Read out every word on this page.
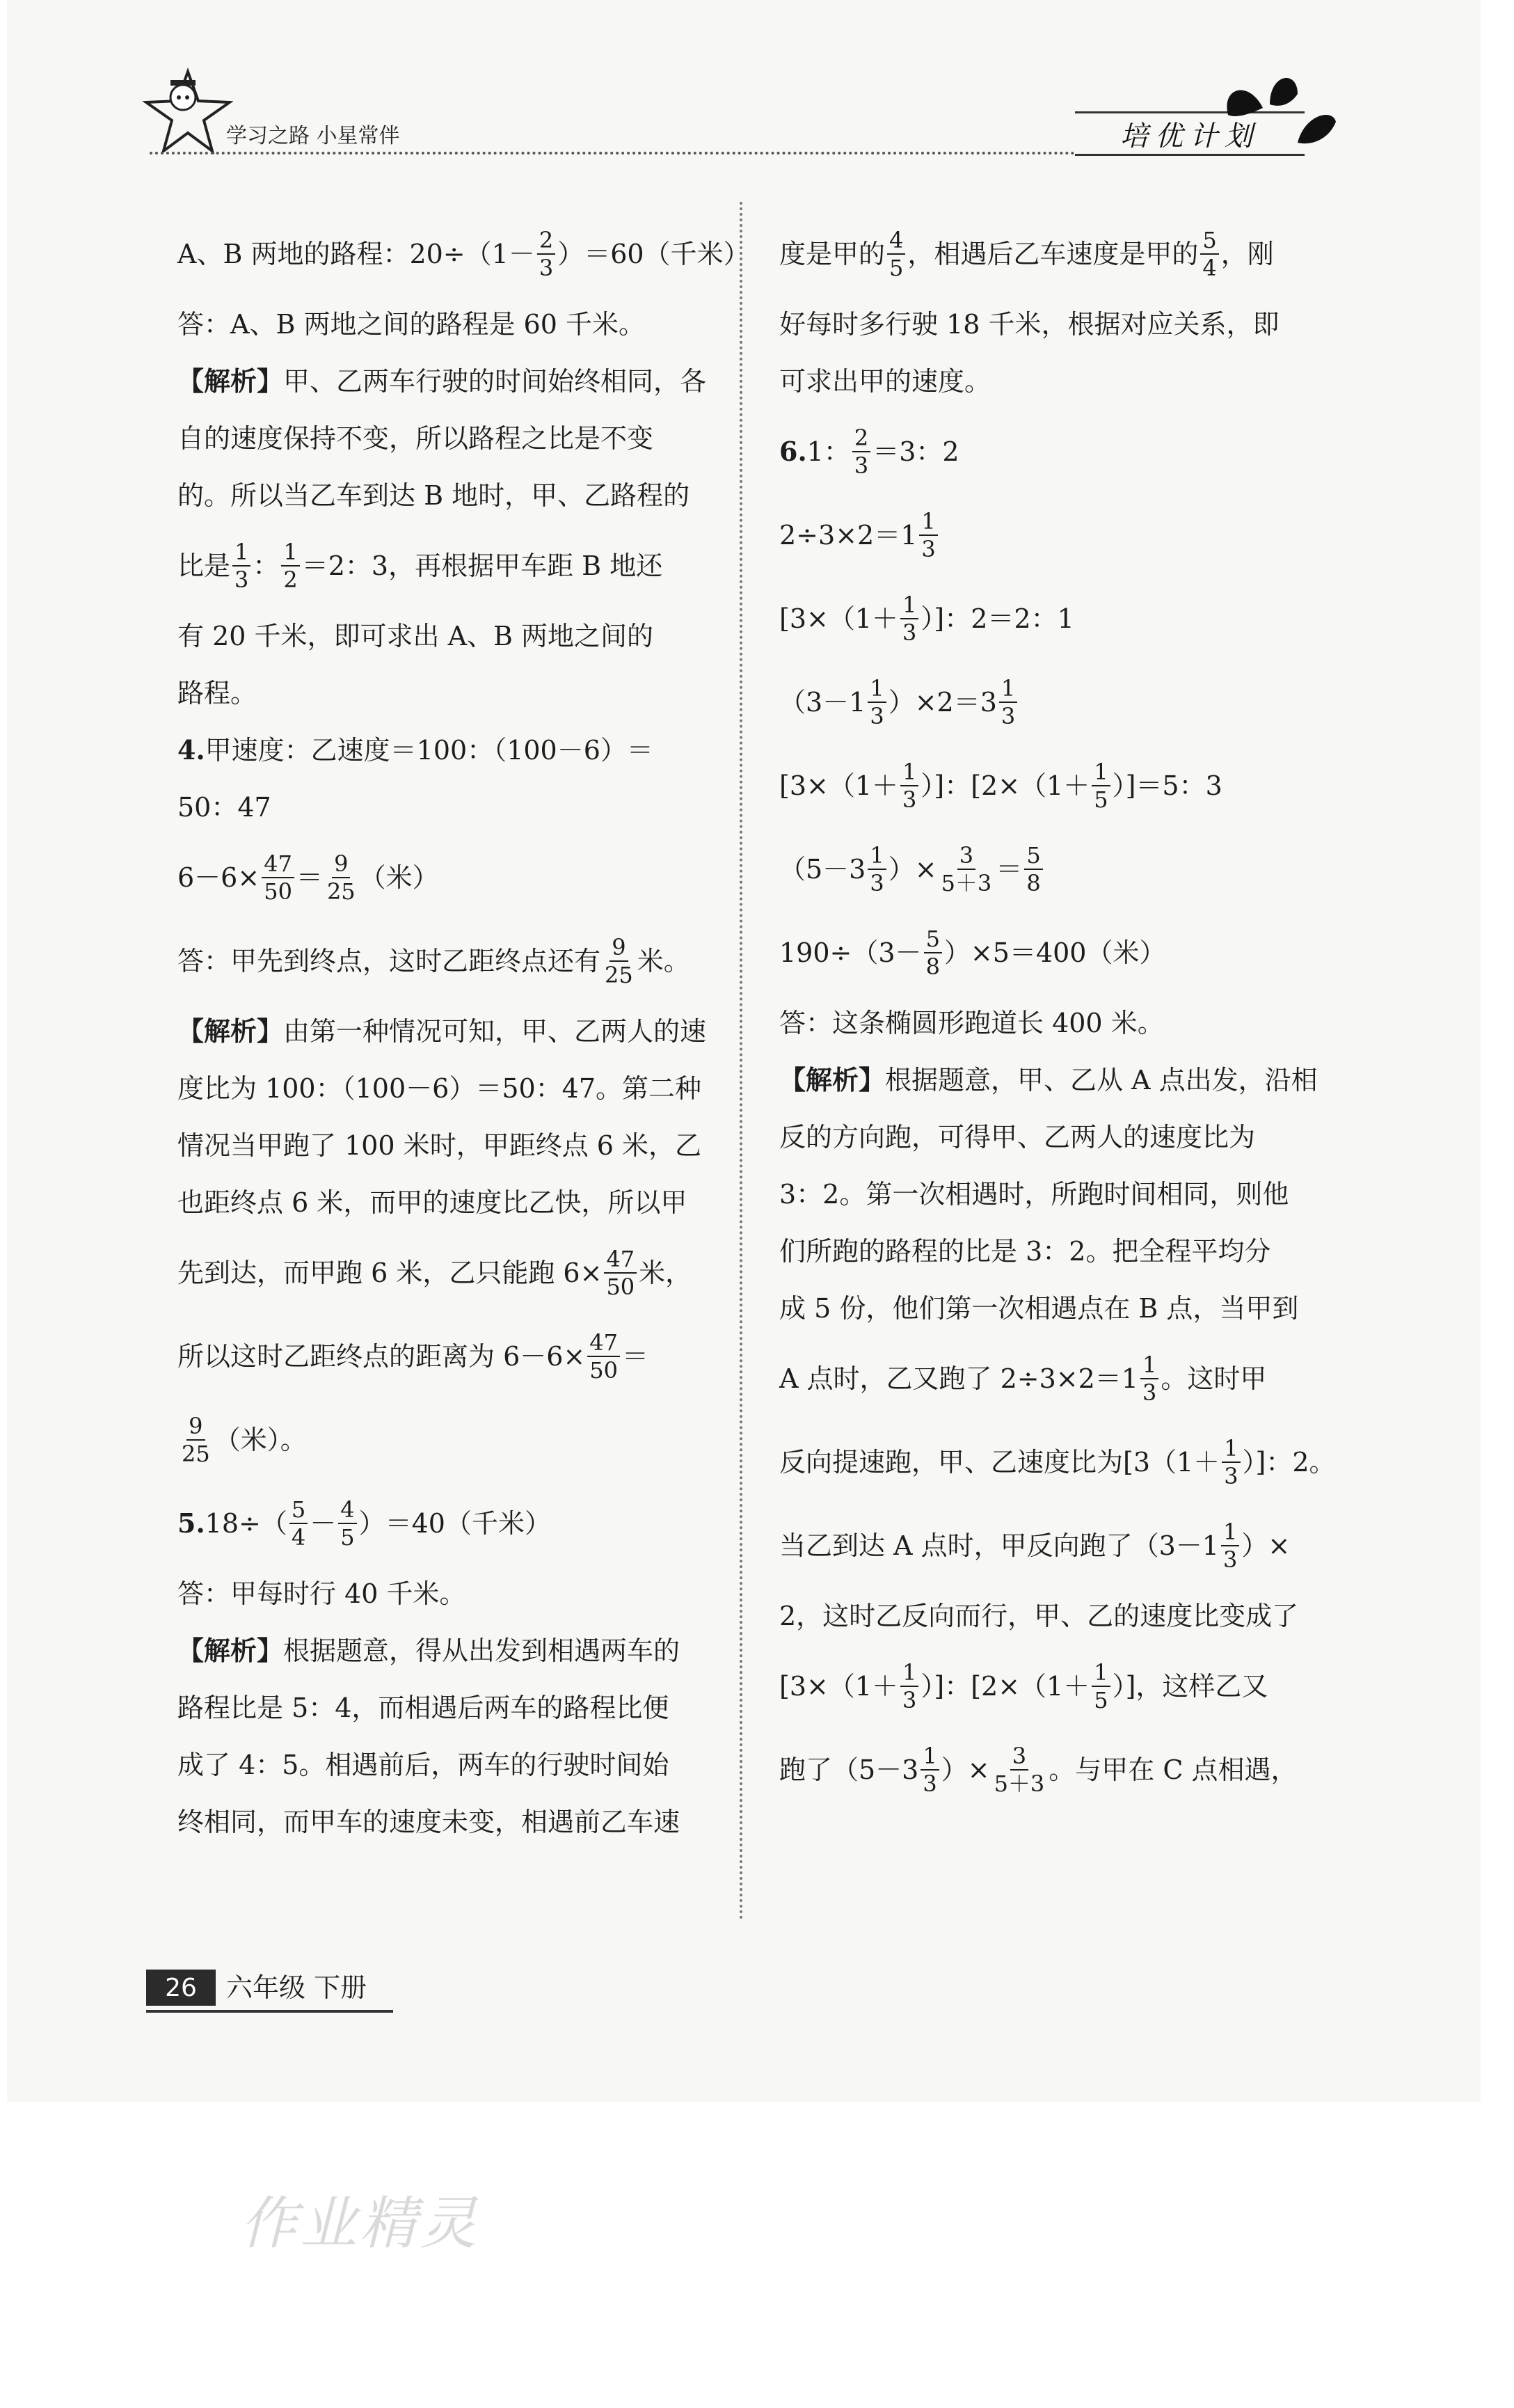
学习之路 小星常伴	培优计划
A、B 两地的路程：$20\div(1- \frac{2}{3} )=60$（千米）
答：A、B 两地之间的路程是 60 千米。
【解析】 甲、乙两车行驶的时间始终相同，各
自的速度保持不变，所以路程之比是不变
的。所以当乙车到达 B 地时，甲、乙路程的
比是 $\frac{1}{3}$ ： $\frac{1}{2} =2$：3，再根据甲车距 B 地还
有 20 千米，即可求出 A、B 两地之间的
路程。
4. 甲速度：乙速度＝100：（100－6）＝
50：47
$6-6\times \frac{47}{50} = \frac{9}{25}$ （米）
答：甲先到终点，这时乙距终点还有 $\frac{9}{25}$ 米。
【解析】 由第一种情况可知，甲、乙两人的速
度比为 100：（100－6）＝50：47。第二种
情况当甲跑了 100 米时，甲距终点 6 米，乙
也距终点 6 米，而甲的速度比乙快，所以甲
先到达，而甲跑 6 米，乙只能跑 $6\times \frac{47}{50}$ 米，
所以这时乙距终点的距离为 $6-6\times \frac{47}{50}$ ＝
$\frac{9}{25}$ （米）。
5. $18\div( \frac{5}{4} - \frac{4}{5} )=40$（千米）
答：甲每时行 40 千米。
【解析】 根据题意，得从出发到相遇两车的
路程比是 5：4，而相遇后两车的路程比便
成了 4：5。相遇前后，两车的行驶时间始
终相同，而甲车的速度未变，相遇前乙车速
度是甲的 $\frac{4}{5}$ ，相遇后乙车速度是甲的 $\frac{5}{4}$ ，刚
好每时多行驶 18 千米，根据对应关系，即
可求出甲的速度。
6. 1： $\frac{2}{3} =3$：2
$2\div 3\times 2=1 \frac{1}{3}$
[$3\times(1+ \frac{1}{3}$ ）]：2＝2：1
$(3-1 \frac{1}{3} )\times 2=3 \frac{1}{3}$
[$3\times(1+ \frac{1}{3}$ ）]：$[2\times(1+ \frac{1}{5} )]=5$：3
（$5-3 \frac{1}{3}$ ）× $\frac{3}{5+3} = \frac{5}{8}$
$190\div(3- \frac{5}{8} )\times 5=400$（米）
答：这条椭圆形跑道长 400 米。
【解析】 根据题意，甲、乙从 A 点出发，沿相
反的方向跑，可得甲、乙两人的速度比为
3：2。第一次相遇时，所跑时间相同，则他
们所跑的路程的比是 3：2。把全程平均分
成 5 份，他们第一次相遇点在 B 点，当甲到
A 点时，乙又跑了 $2\div 3\times 2=1 \frac{1}{3}$ 。这时甲
反向提速跑，甲、乙速度比为[$3(1+ \frac{1}{3}$ ）]：2。
当乙到达 A 点时，甲反向跑了（$3-1 \frac{1}{3}$ ）×
2，这时乙反向而行，甲、乙的速度比变成了
[$3\times(1+ \frac{1}{3}$ ）]：[$2\times(1+ \frac{1}{5}$ ）]，这样乙又
跑了（$5-3 \frac{1}{3}$ ）× $\frac{3}{5+3}$ 。与甲在 C 点相遇，
26	六年级 下册
作业精灵
